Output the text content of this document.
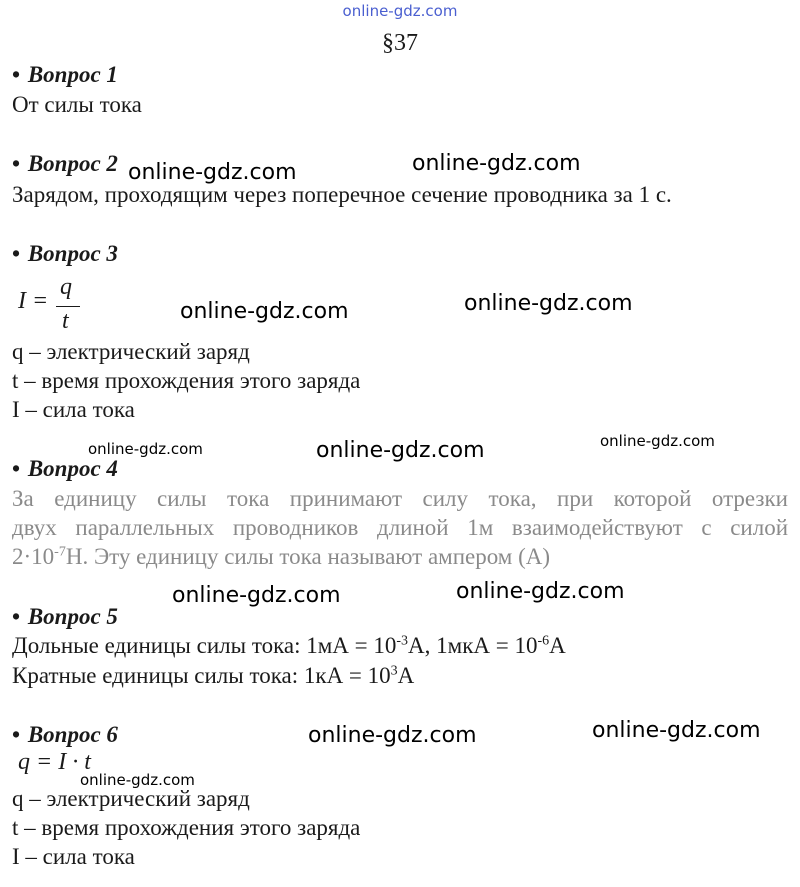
online-gdz.com
§37
• Вопрос 1
От силы тока
• Вопрос 2
Зарядом, проходящим через поперечное сечение проводника за 1 с.
• Вопрос 3
I =
q
t
q – электрический заряд
t – время прохождения этого заряда
I – сила тока
• Вопрос 4
За единицу силы тока принимают силу тока, при которой отрезки
двух параллельных проводников длиной 1м взаимодействуют с силой
$2\cdot 10^{-7}Н$. Эту единицу силы тока называют ампером (А)
• Вопрос 5
Дольные единицы силы тока: $1мА = 10^{-3}А$, $1мкА = 10^{-6}А$
Кратные единицы силы тока: $1кА = 10^3А$
• Вопрос 6
q = I · t
q – электрический заряд
t – время прохождения этого заряда
I – сила тока
online-gdz.com	online-gdz.com
online-gdz.com	online-gdz.com
online-gdz.com	online-gdz.com	online-gdz.com
online-gdz.com	online-gdz.com
online-gdz.com	online-gdz.com
online-gdz.com
